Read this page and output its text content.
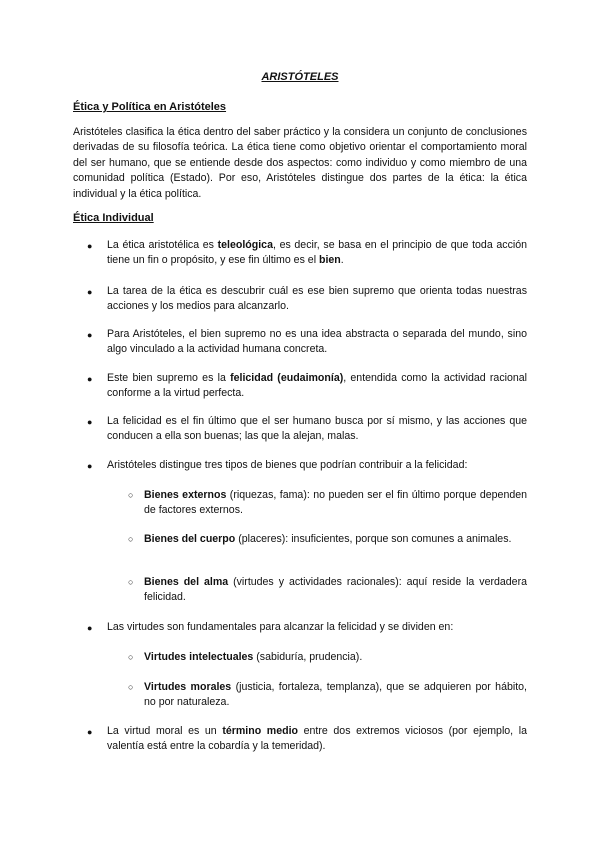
ARISTÓTELES
Ética y Política en Aristóteles

Aristóteles clasifica la ética dentro del saber práctico y la considera un conjunto de conclusiones derivadas de su filosofía teórica. La ética tiene como objetivo orientar el comportamiento moral del ser humano, que se entiende desde dos aspectos: como individuo y como miembro de una comunidad política (Estado). Por eso, Aristóteles distingue dos partes de la ética: la ética individual y la ética política.

Ética Individual
● La ética aristotélica es teleológica, es decir, se basa en el principio de que toda acción tiene un fin o propósito, y ese fin último es el bien.
● La tarea de la ética es descubrir cuál es ese bien supremo que orienta todas nuestras acciones y los medios para alcanzarlo.
● Para Aristóteles, el bien supremo no es una idea abstracta o separada del mundo, sino algo vinculado a la actividad humana concreta.
● Este bien supremo es la felicidad (eudaimonía), entendida como la actividad racional conforme a la virtud perfecta.
● La felicidad es el fin último que el ser humano busca por sí mismo, y las acciones que conducen a ella son buenas; las que la alejan, malas.
● Aristóteles distingue tres tipos de bienes que podrían contribuir a la felicidad:
○ Bienes externos (riquezas, fama): no pueden ser el fin último porque dependen de factores externos.
○ Bienes del cuerpo (placeres): insuficientes, porque son comunes a animales.
○ Bienes del alma (virtudes y actividades racionales): aquí reside la verdadera felicidad.
● Las virtudes son fundamentales para alcanzar la felicidad y se dividen en:
○ Virtudes intelectuales (sabiduría, prudencia).
○ Virtudes morales (justicia, fortaleza, templanza), que se adquieren por hábito, no por naturaleza.
● La virtud moral es un término medio entre dos extremos viciosos (por ejemplo, la valentía está entre la cobardía y la temeridad).
